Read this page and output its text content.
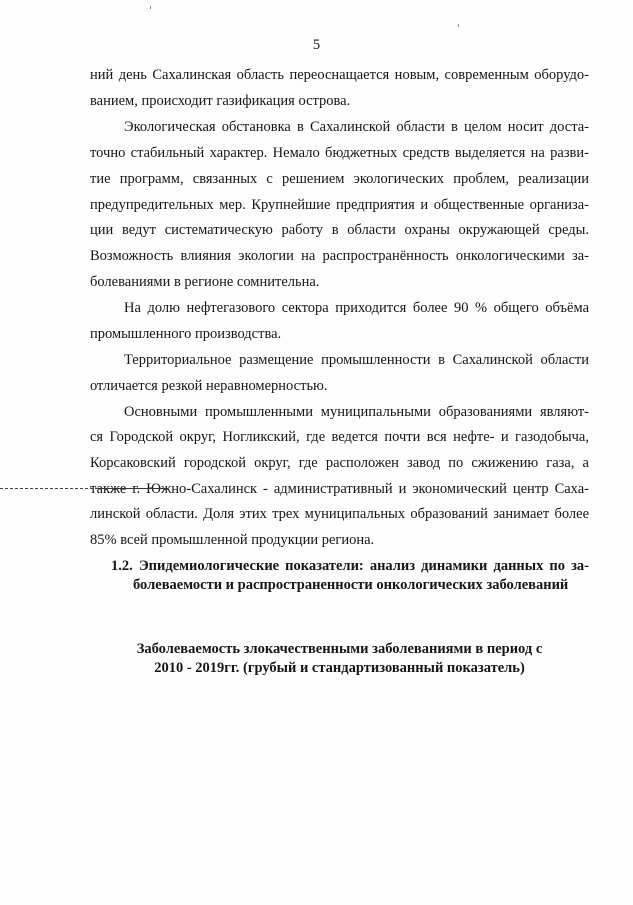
5
ний день Сахалинская область переоснащается новым, современным оборудо-
ванием, происходит газификация острова.
Экологическая обстановка в Сахалинской области в целом носит доста-
точно стабильный характер. Немало бюджетных средств выделяется на разви-
тие программ, связанных с решением экологических проблем, реализации
предупредительных мер. Крупнейшие предприятия и общественные организа-
ции ведут систематическую работу в области охраны окружающей среды.
Возможность влияния экологии на распространённость онкологическими за-
болеваниями в регионе сомнительна.
На долю нефтегазового сектора приходится более 90 % общего объёма
промышленного производства.
Территориальное размещение промышленности в Сахалинской области
отличается резкой неравномерностью.
Основными промышленными муниципальными образованиями являют-
ся Городской округ, Ногликский, где ведется почти вся нефте- и газодобыча,
Корсаковский городской округ, где расположен завод по сжижению газа, а
также г. Южно-Сахалинск - административный и экономический центр Саха-
линской области. Доля этих трех муниципальных образований занимает более
85% всей промышленной продукции региона.
1.2. Эпидемиологические показатели: анализ динамики данных по за-
болеваемости и распространенности онкологических заболеваний
Заболеваемость злокачественными заболеваниями в период с
2010 - 2019гг. (грубый и стандартизованный показатель)
